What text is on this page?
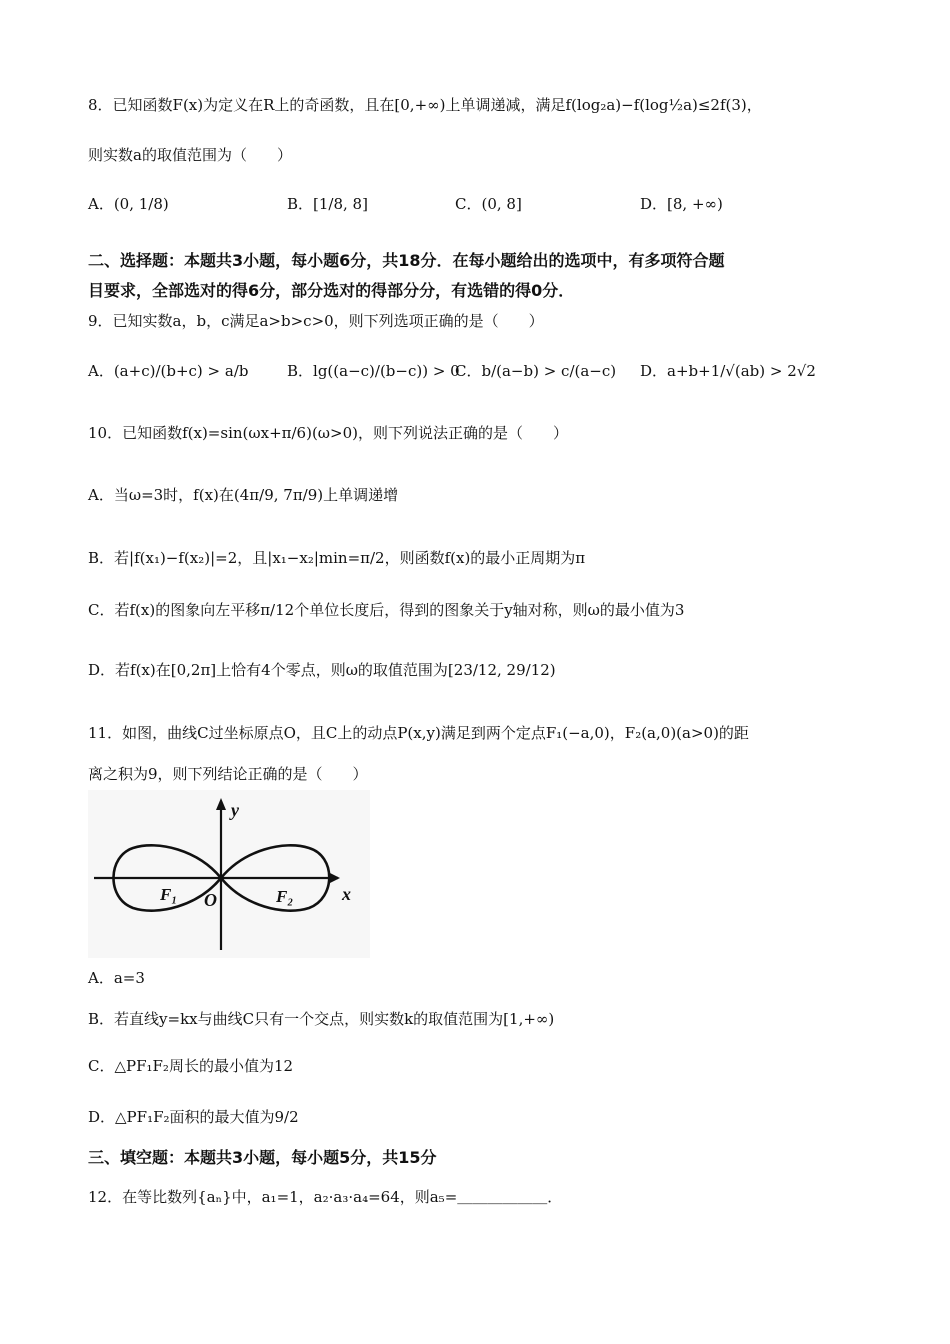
8．已知函数F(x)为定义在R上的奇函数，且在[0,+∞)上单调递减，满足f(log₂a)−f(log½a)≤2f(3)，
则实数a的取值范围为（　　）
A．(0, 1/8)	B．[1/8, 8]	C．(0, 8]	D．[8, +∞)
二、选择题：本题共3小题，每小题6分，共18分．在每小题给出的选项中，有多项符合题
目要求，全部选对的得6分，部分选对的得部分分，有选错的得0分．
9．已知实数a，b，c满足a>b>c>0，则下列选项正确的是（　　）
A．(a+c)/(b+c) > a/b	B．lg((a−c)/(b−c)) > 0
C．b/(a−b) > c/(a−c) D．a+b+1/√(ab) > 2√2
10．已知函数f(x)=sin(ωx+π/6)(ω>0)，则下列说法正确的是（　　）
A．当ω=3时，f(x)在(4π/9, 7π/9)上单调递增
B．若|f(x₁)−f(x₂)|=2，且|x₁−x₂|min=π/2，则函数f(x)的最小正周期为π
C．若f(x)的图象向左平移π/12个单位长度后，得到的图象关于y轴对称，则ω的最小值为3
D．若f(x)在[0,2π]上恰有4个零点，则ω的取值范围为[23/12, 29/12)
11．如图，曲线C过坐标原点O，且C上的动点P(x,y)满足到两个定点F₁(−a,0)，F₂(a,0)(a>0)的距
离之积为9，则下列结论正确的是（　　）
y
x
O
F₁	F₂
A．a=3
B．若直线y=kx与曲线C只有一个交点，则实数k的取值范围为[1,+∞)
C．△PF₁F₂周长的最小值为12
D．△PF₁F₂面积的最大值为9/2
三、填空题：本题共3小题，每小题5分，共15分
12．在等比数列{aₙ}中，a₁=1，a₂·a₃·a₄=64，则a₅=＿＿＿＿＿＿．
